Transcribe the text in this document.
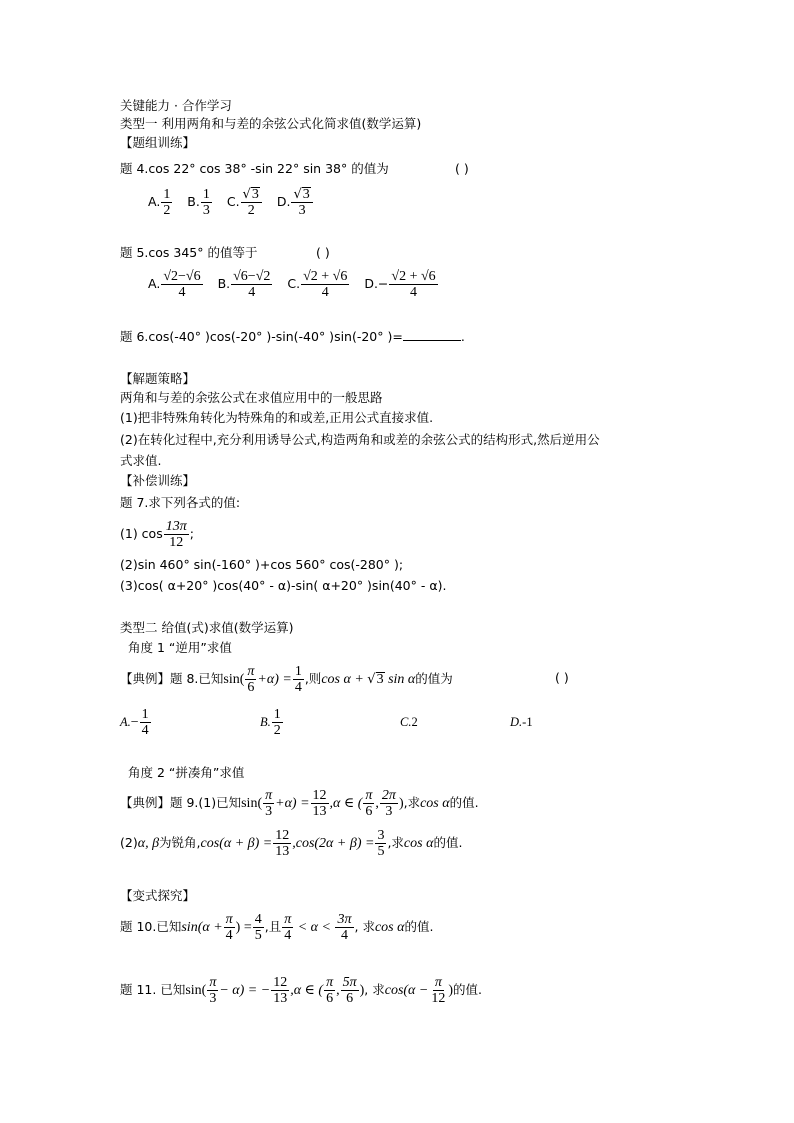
关键能力 · 合作学习
类型一 利用两角和与差的余弦公式化简求值(数学运算)
【题组训练】
题 4.cos 22° cos 38° -sin 22° sin 38° 的值为	( )
A. $\frac{1}{2}$
B. $\frac{1}{3}$
C. $\frac{√3}{2}$
D. $\frac{√3}{3}$
题 5.cos 345° 的值等于	( )
A. $\frac{√2-√6}{4}$
B. $\frac{√6-√2}{4}$
C. $\frac{√2 + √6}{4}$
$D.- \frac{√2 + √6}{4}$
题 6.cos(-40° )cos(-20° )-sin(-40° )sin(-20° )=	.
【解题策略】
两角和与差的余弦公式在求值应用中的一般思路
(1)把非特殊角转化为特殊角的和或差,正用公式直接求值.
(2)在转化过程中,充分利用诱导公式,构造两角和或差的余弦公式的结构形式,然后逆用公
式求值.
【补偿训练】
题 7.求下列各式的值:
(1) $\cos \frac{13\pi}{12}$ ;
(2)sin 460° sin(-160° )+cos 560° cos(-280° );
(3)cos( α+20° )cos(40° - α)-sin( α+20° )sin(40° - α).
类型二 给值(式)求值(数学运算)
角度 1 “逆用”求值
【典例】题 8.已知$\sin( \frac{\pi}{6} +\alpha) = \frac{1}{4}$ ,则cos α + √3 sin α的值为	( )
$A.- \frac{1}{4}$	B. $\frac{1}{2}$	C.2	D.-1
角度 2 “拼凑角”求值
【典例】题 9.(1)已知$\sin( \frac{\pi}{3} +\alpha) = \frac{12}{13} ,\alpha$ ∈ ( $\frac{\pi}{6}$ , $\frac{2\pi}{3}$ ),求cos α的值.
(2)α, β为锐角$,\cos(\alpha + \beta) = \frac{12}{13} ,\cos(2\alpha + \beta) = \frac{3}{5}$ ,求cos α的值.
【变式探究】
题 10.已知$\sin(\alpha + \frac{\pi}{4}$ ) = $\frac{4}{5}$ ,且 $\frac{\pi}{4} < \alpha < \frac{3\pi}{4}$ , 求cos α的值.
题 11. 已知$\sin( \frac{\pi}{3} - \alpha)$ = − $\frac{12}{13} ,\alpha$ ∈ ( $\frac{\pi}{6}$ , $\frac{5\pi}{6}$ ), 求$\cos(\alpha - \frac{\pi}{12}$ )的值.
